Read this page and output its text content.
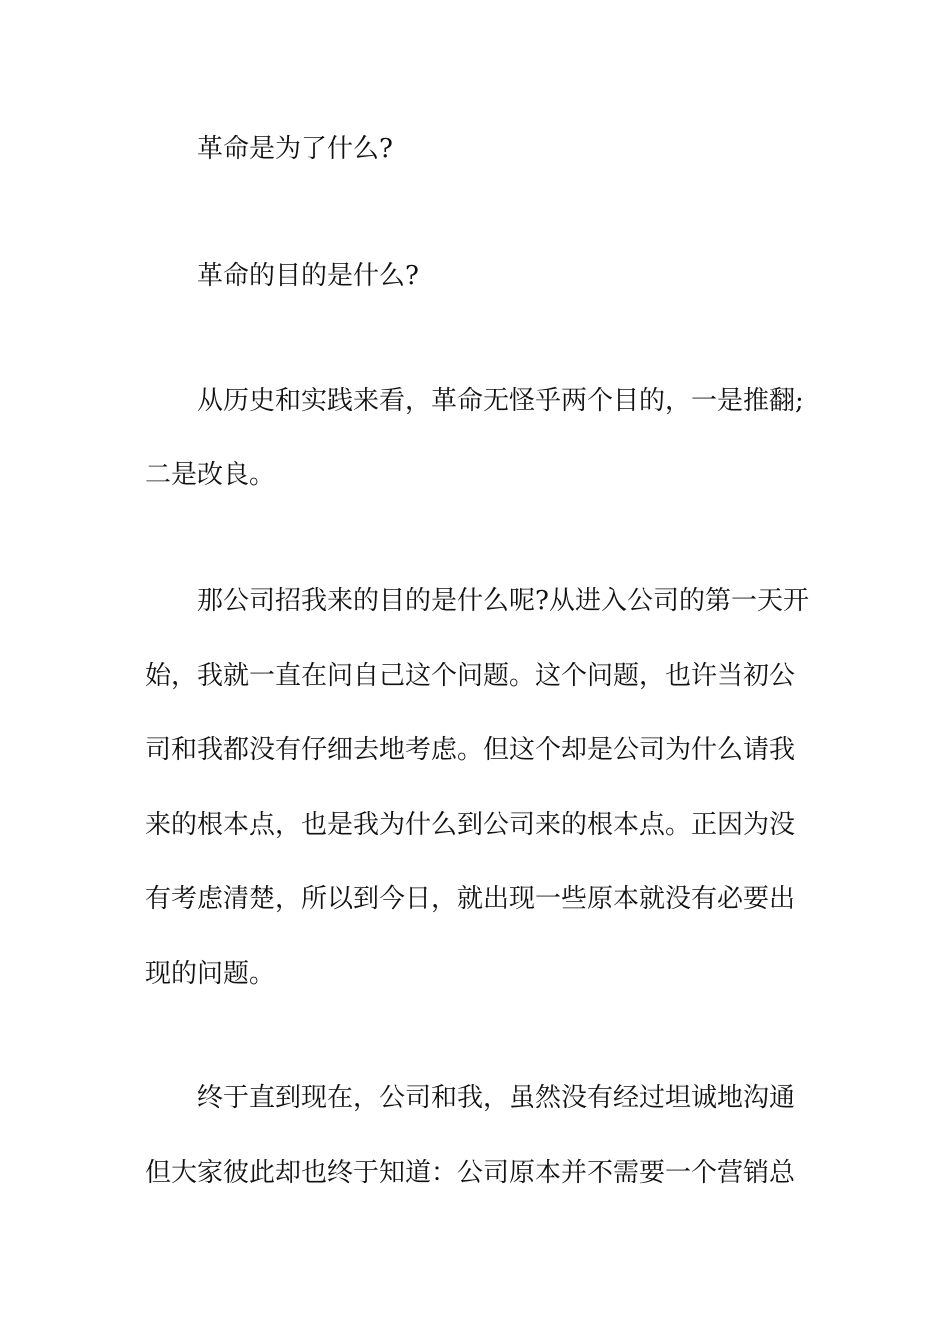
革命是为了什么?
革命的目的是什么?
从历史和实践来看，革命无怪乎两个目的，一是推翻;
二是改良。
那公司招我来的目的是什么呢?从进入公司的第一天开
始，我就一直在问自己这个问题。这个问题，也许当初公
司和我都没有仔细去地考虑。但这个却是公司为什么请我
来的根本点，也是我为什么到公司来的根本点。正因为没
有考虑清楚，所以到今日，就出现一些原本就没有必要出
现的问题。
终于直到现在，公司和我，虽然没有经过坦诚地沟通
但大家彼此却也终于知道：公司原本并不需要一个营销总
